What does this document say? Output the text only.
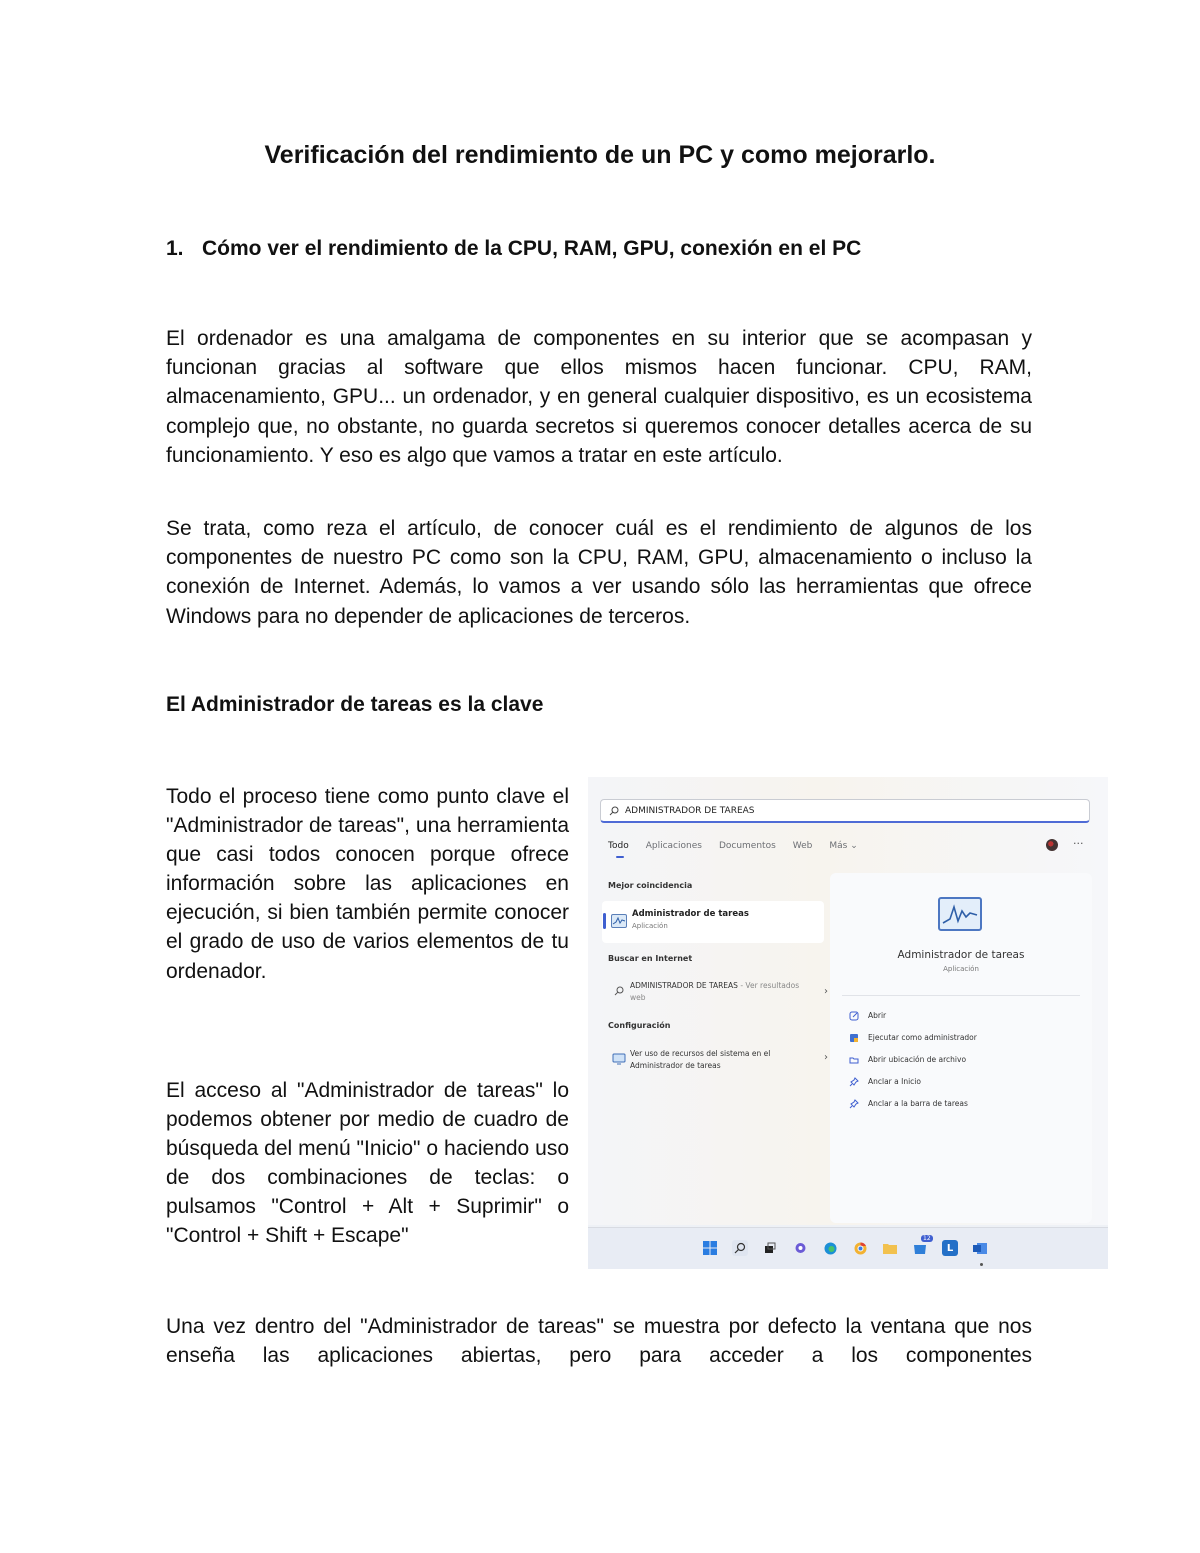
Verificación del rendimiento de un PC y como mejorarlo.
1. Cómo ver el rendimiento de la CPU, RAM, GPU, conexión en el PC

El ordenador es una amalgama de componentes en su interior que se acompasan y funcionan gracias al software que ellos mismos hacen funcionar. CPU, RAM, almacenamiento, GPU... un ordenador, y en general cualquier dispositivo, es un ecosistema complejo que, no obstante, no guarda secretos si queremos conocer detalles acerca de su funcionamiento. Y eso es algo que vamos a tratar en este artículo.

Se trata, como reza el artículo, de conocer cuál es el rendimiento de algunos de los componentes de nuestro PC como son la CPU, RAM, GPU, almacenamiento o incluso la conexión de Internet. Además, lo vamos a ver usando sólo las herramientas que ofrece Windows para no depender de aplicaciones de terceros.

El Administrador de tareas es la clave

Todo el proceso tiene como punto clave el "Administrador de tareas", una herramienta que casi todos conocen porque ofrece información sobre las aplicaciones en ejecución, si bien también permite conocer el grado de uso de varios elementos de tu ordenador.

El acceso al "Administrador de tareas" lo podemos obtener por medio de cuadro de búsqueda del menú "Inicio" o haciendo uso de dos combinaciones de teclas: o pulsamos "Control + Alt + Suprimir" o "Control + Shift + Escape"

Una vez dentro del "Administrador de tareas" se muestra por defecto la ventana que nos enseña las aplicaciones abiertas, pero para acceder a los componentes

ADMINISTRADOR DE TAREAS
Todo Aplicaciones Documentos Web Más ⌄	···
Mejor coincidencia
Administrador de tareas
Aplicación
Buscar en Internet
ADMINISTRADOR DE TAREAS - Ver resultados web
›
Configuración
Ver uso de recursos del sistema en el Administrador de tareas
›
Administrador de tareas
Aplicación
Abrir
Ejecutar como administrador
Abrir ubicación de archivo
Anclar a Inicio
Anclar a la barra de tareas
12
L
